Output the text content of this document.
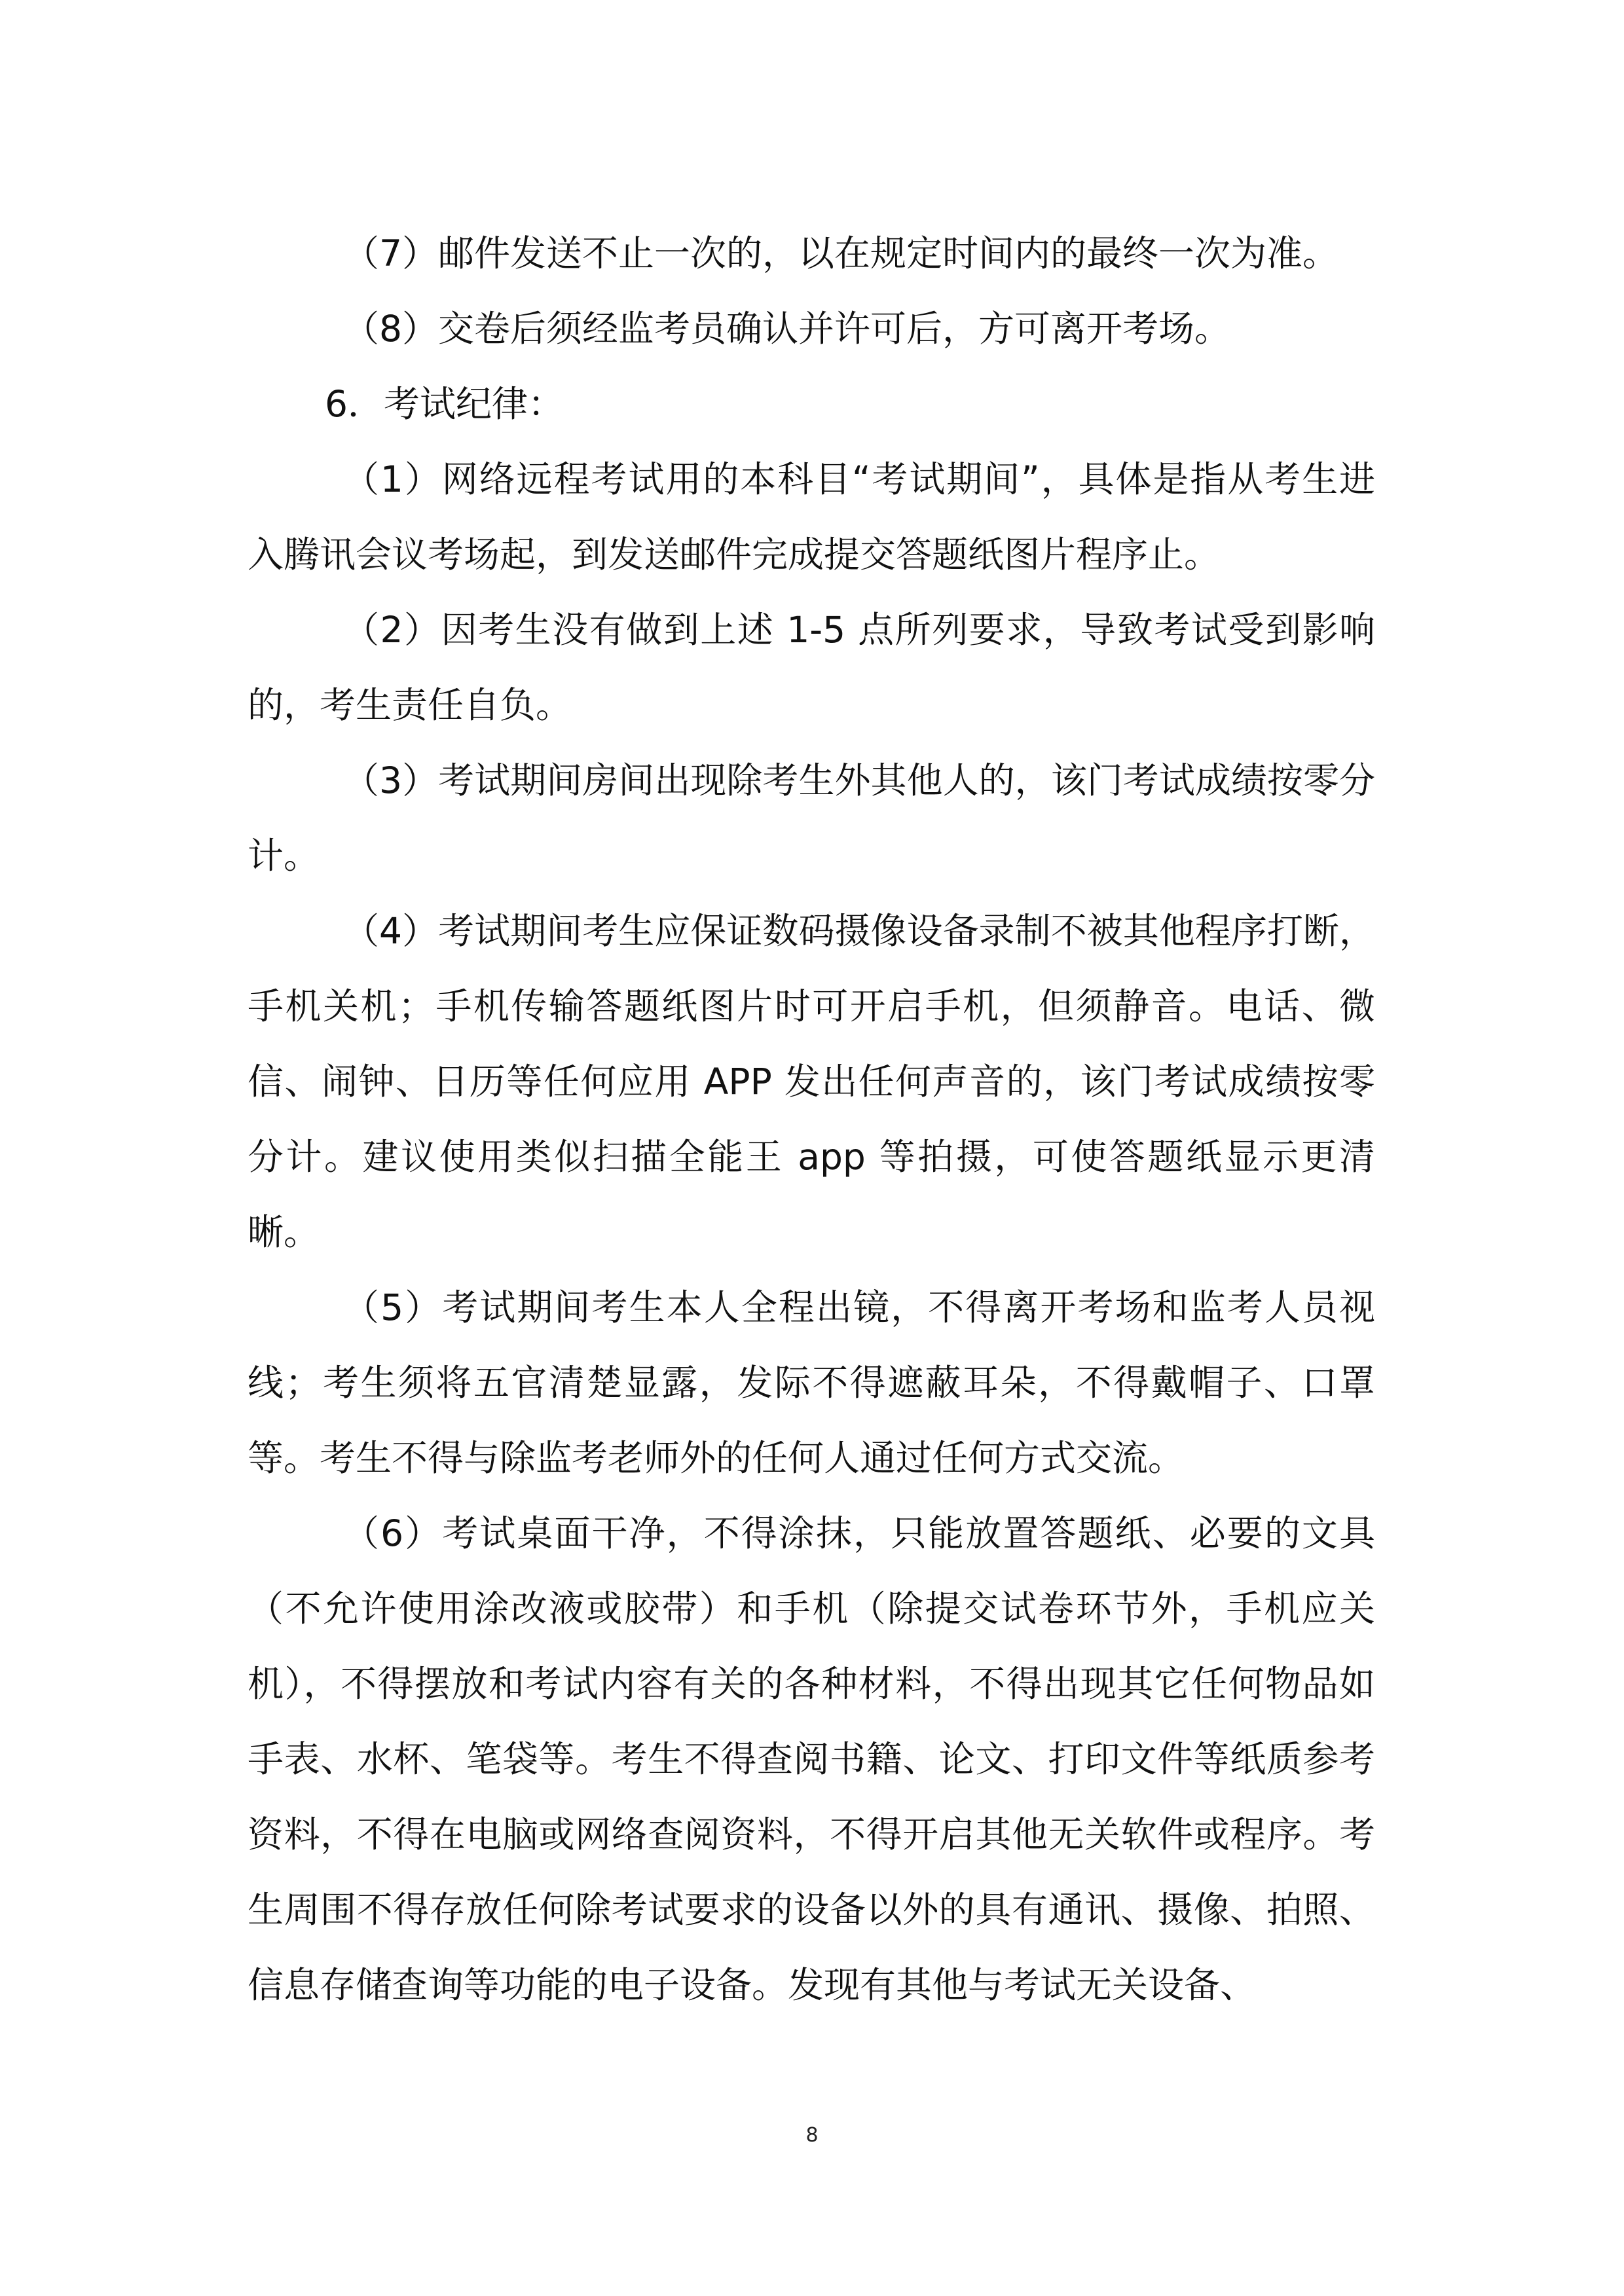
（7）邮件发送不止一次的，以在规定时间内的最终一次为准。

（8）交卷后须经监考员确认并许可后，方可离开考场。

6．考试纪律：

（1）网络远程考试用的本科目“考试期间”，具体是指从考生进入腾讯会议考场起，到发送邮件完成提交答题纸图片程序止。

（2）因考生没有做到上述 1-5 点所列要求，导致考试受到影响的，考生责任自负。

（3）考试期间房间出现除考生外其他人的，该门考试成绩按零分计。

（4）考试期间考生应保证数码摄像设备录制不被其他程序打断，手机关机；手机传输答题纸图片时可开启手机，但须静音。电话、微信、闹钟、日历等任何应用 APP 发出任何声音的，该门考试成绩按零分计。建议使用类似扫描全能王 app 等拍摄，可使答题纸显示更清晰。

（5）考试期间考生本人全程出镜，不得离开考场和监考人员视线；考生须将五官清楚显露，发际不得遮蔽耳朵，不得戴帽子、口罩等。考生不得与除监考老师外的任何人通过任何方式交流。

（6）考试桌面干净，不得涂抹，只能放置答题纸、必要的文具（不允许使用涂改液或胶带）和手机（除提交试卷环节外，手机应关机），不得摆放和考试内容有关的各种材料，不得出现其它任何物品如手表、水杯、笔袋等。考生不得查阅书籍、论文、打印文件等纸质参考资料，不得在电脑或网络查阅资料，不得开启其他无关软件或程序。考生周围不得存放任何除考试要求的设备以外的具有通讯、摄像、拍照、信息存储查询等功能的电子设备。发现有其他与考试无关设备、

8
